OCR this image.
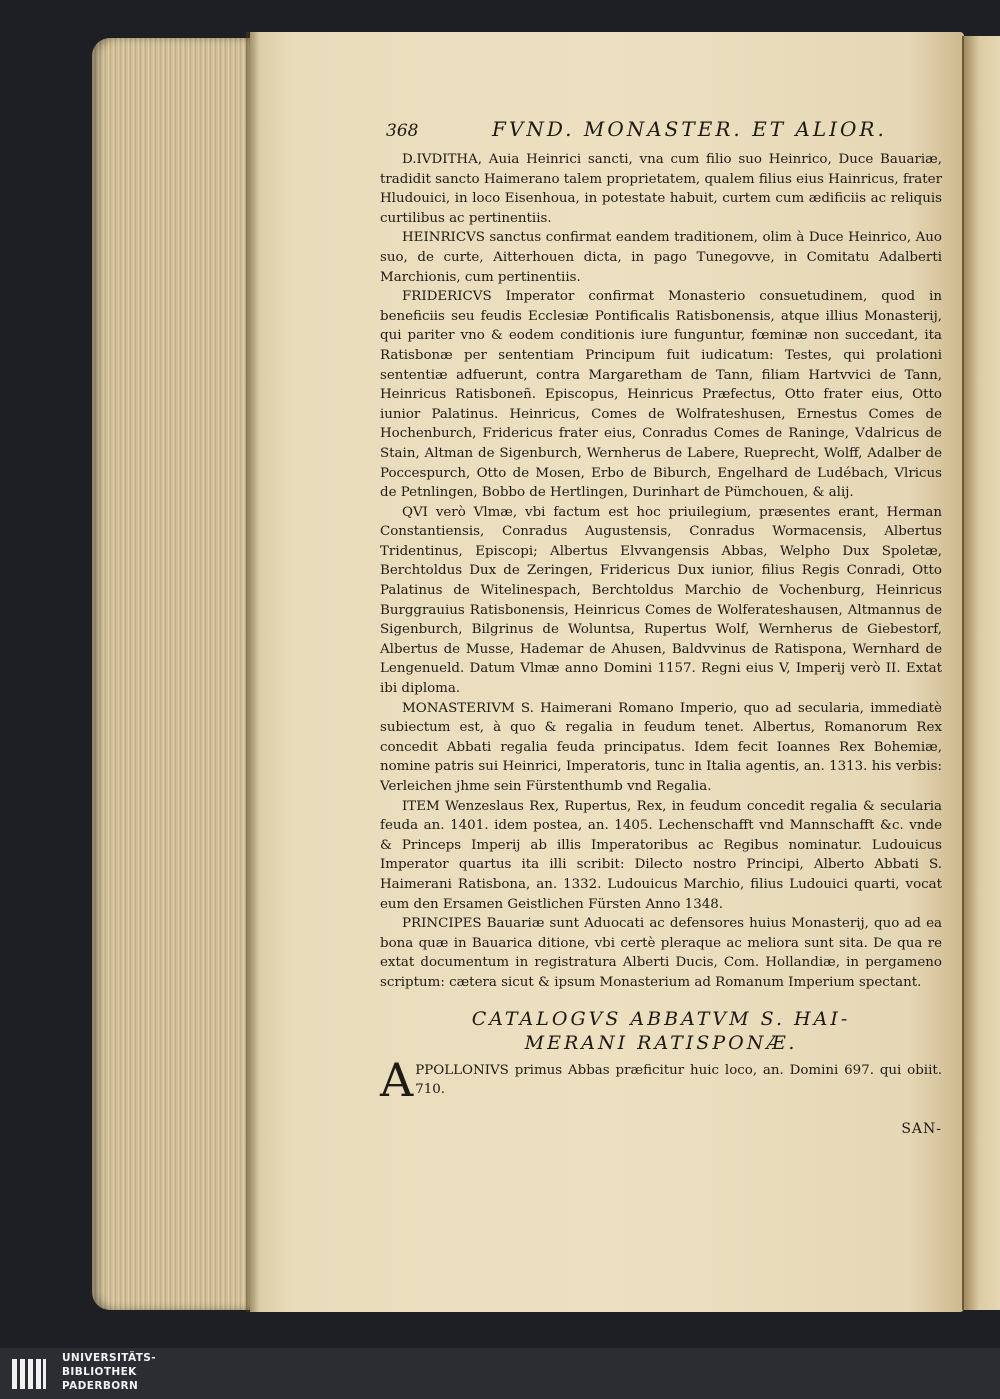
368	FVND. MONASTER. ET ALIOR.

D.IVDITHA, Auia Heinrici sancti, vna cum filio suo Heinrico, Duce Bauariæ, tradidit sancto Haimerano talem proprietatem, qualem filius eius Hainricus, frater Hludouici, in loco Eisenhoua, in potestate habuit, curtem cum ædificiis ac reliquis curtilibus ac pertinentiis.

HEINRICVS sanctus confirmat eandem traditionem, olim à Duce Heinrico, Auo suo, de curte, Aitterhouen dicta, in pago Tunegovve, in Comitatu Adalberti Marchionis, cum pertinentiis.

FRIDERICVS Imperator confirmat Monasterio consuetudinem, quod in beneficiis seu feudis Ecclesiæ Pontificalis Ratisbonensis, atque illius Monasterij, qui pariter vno & eodem conditionis iure funguntur, fœminæ non succedant, ita Ratisbonæ per sententiam Principum fuit iudicatum: Testes, qui prolationi sententiæ adfuerunt, contra Margaretham de Tann, filiam Hartvvici de Tann, Heinricus Ratisboneñ. Episcopus, Heinricus Præfectus, Otto frater eius, Otto iunior Palatinus. Heinricus, Comes de Wolfrateshusen, Ernestus Comes de Hochenburch, Fridericus frater eius, Conradus Comes de Raninge, Vdalricus de Stain, Altman de Sigenburch, Wernherus de Labere, Rueprecht, Wolff, Adalber de Poccespurch, Otto de Mosen, Erbo de Biburch, Engelhard de Ludébach, Vlricus de Petnlingen, Bobbo de Hertlingen, Durinhart de Pümchouen, & alij.

QVI verò Vlmæ, vbi factum est hoc priuilegium, præsentes erant, Herman Constantiensis, Conradus Augustensis, Conradus Wormacensis, Albertus Tridentinus, Episcopi; Albertus Elvvangensis Abbas, Welpho Dux Spoletæ, Berchtoldus Dux de Zeringen, Fridericus Dux iunior, filius Regis Conradi, Otto Palatinus de Witelinespach, Berchtoldus Marchio de Vochenburg, Heinricus Burggrauius Ratisbonensis, Heinricus Comes de Wolferateshausen, Altmannus de Sigenburch, Bilgrinus de Woluntsa, Rupertus Wolf, Wernherus de Giebestorf, Albertus de Musse, Hademar de Ahusen, Baldvvinus de Ratispona, Wernhard de Lengenueld. Datum Vlmæ anno Domini 1157. Regni eius V, Imperij verò II. Extat ibi diploma.

MONASTERIVM S. Haimerani Romano Imperio, quo ad secularia, immediatè subiectum est, à quo & regalia in feudum tenet. Albertus, Romanorum Rex concedit Abbati regalia feuda principatus. Idem fecit Ioannes Rex Bohemiæ, nomine patris sui Heinrici, Imperatoris, tunc in Italia agentis, an. 1313. his verbis: Verleichen jhme sein Fürstenthumb vnd Regalia.

ITEM Wenzeslaus Rex, Rupertus, Rex, in feudum concedit regalia & secularia feuda an. 1401. idem postea, an. 1405. Lechenschafft vnd Mannschafft &c. vnde & Princeps Imperij ab illis Imperatoribus ac Regibus nominatur. Ludouicus Imperator quartus ita illi scribit: Dilecto nostro Principi, Alberto Abbati S. Haimerani Ratisbona, an. 1332. Ludouicus Marchio, filius Ludouici quarti, vocat eum den Ersamen Geistlichen Fürsten Anno 1348.

PRINCIPES Bauariæ sunt Aduocati ac defensores huius Monasterij, quo ad ea bona quæ in Bauarica ditione, vbi certè pleraque ac meliora sunt sita. De qua re extat documentum in registratura Alberti Ducis, Com. Hollandiæ, in pergameno scriptum: cætera sicut & ipsum Monasterium ad Romanum Imperium spectant.

CATALOGVS ABBATVM S. HAI-
MERANI RATISPONÆ.
A PPOLLONIVS primus Abbas præficitur huic loco, an. Domini 697. qui obiit. 710.
SAN-
UNIVERSITÄTS-
BIBLIOTHEK
PADERBORN
